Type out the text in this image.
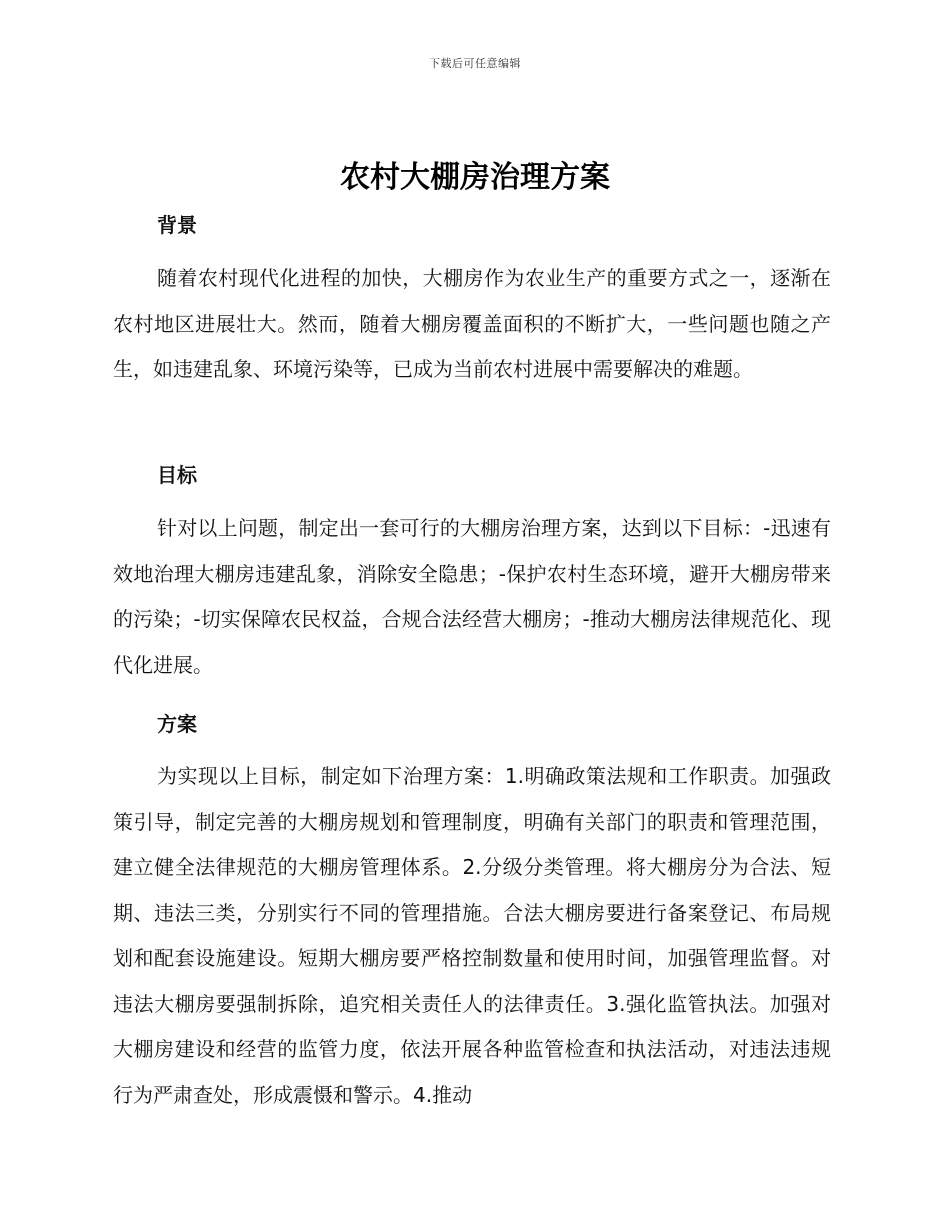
下载后可任意编辑
农村大棚房治理方案
背景

随着农村现代化进程的加快，大棚房作为农业生产的重要方式之一，逐渐在农村地区进展壮大。然而，随着大棚房覆盖面积的不断扩大，一些问题也随之产生，如违建乱象、环境污染等，已成为当前农村进展中需要解决的难题。

目标

针对以上问题，制定出一套可行的大棚房治理方案，达到以下目标：-迅速有效地治理大棚房违建乱象，消除安全隐患；-保护农村生态环境，避开大棚房带来的污染；-切实保障农民权益，合规合法经营大棚房；-推动大棚房法律规范化、现代化进展。

方案

为实现以上目标，制定如下治理方案：1.明确政策法规和工作职责。加强政策引导，制定完善的大棚房规划和管理制度，明确有关部门的职责和管理范围，建立健全法律规范的大棚房管理体系。2.分级分类管理。将大棚房分为合法、短期、违法三类，分别实行不同的管理措施。合法大棚房要进行备案登记、布局规划和配套设施建设。短期大棚房要严格控制数量和使用时间，加强管理监督。对违法大棚房要强制拆除，追究相关责任人的法律责任。3.强化监管执法。加强对大棚房建设和经营的监管力度，依法开展各种监管检查和执法活动，对违法违规行为严肃查处，形成震慑和警示。4.推动
